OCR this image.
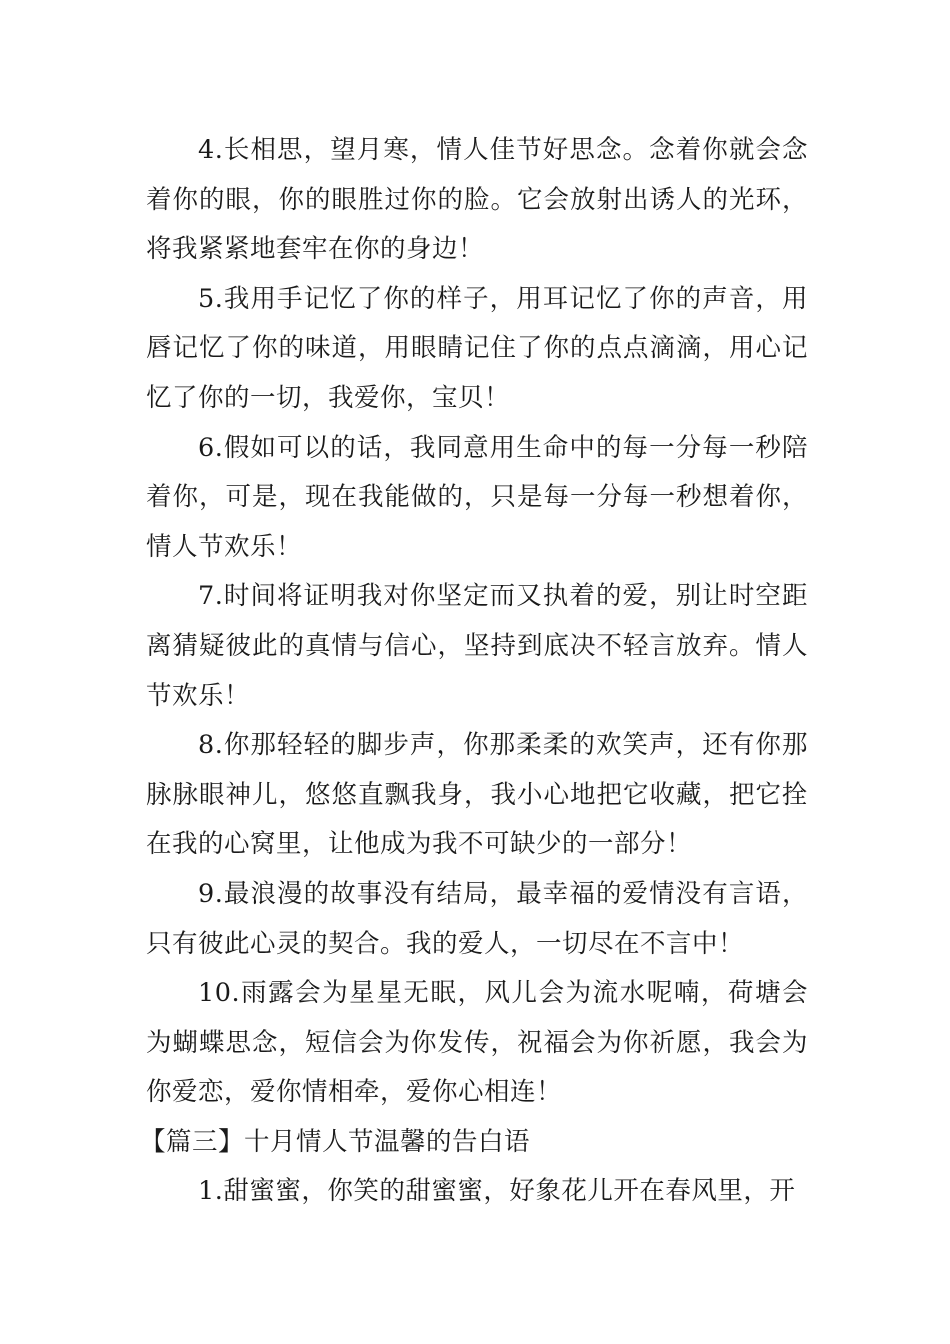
4.长相思，望月寒，情人佳节好思念。念着你就会念着你的眼，你的眼胜过你的脸。它会放射出诱人的光环，将我紧紧地套牢在你的身边！

5.我用手记忆了你的样子，用耳记忆了你的声音，用唇记忆了你的味道，用眼睛记住了你的点点滴滴，用心记忆了你的一切，我爱你，宝贝！

6.假如可以的话，我同意用生命中的每一分每一秒陪着你，可是，现在我能做的，只是每一分每一秒想着你，情人节欢乐！

7.时间将证明我对你坚定而又执着的爱，别让时空距离猜疑彼此的真情与信心，坚持到底决不轻言放弃。情人节欢乐！

8.你那轻轻的脚步声，你那柔柔的欢笑声，还有你那脉脉眼神儿，悠悠直飘我身，我小心地把它收藏，把它拴在我的心窝里，让他成为我不可缺少的一部分！

9.最浪漫的故事没有结局，最幸福的爱情没有言语，只有彼此心灵的契合。我的爱人，一切尽在不言中！

10.雨露会为星星无眠，风儿会为流水呢喃，荷塘会为蝴蝶思念，短信会为你发传，祝福会为你祈愿，我会为你爱恋，爱你情相牵，爱你心相连！

【篇三】十月情人节温馨的告白语

1.甜蜜蜜，你笑的甜蜜蜜，好象花儿开在春风里，开
